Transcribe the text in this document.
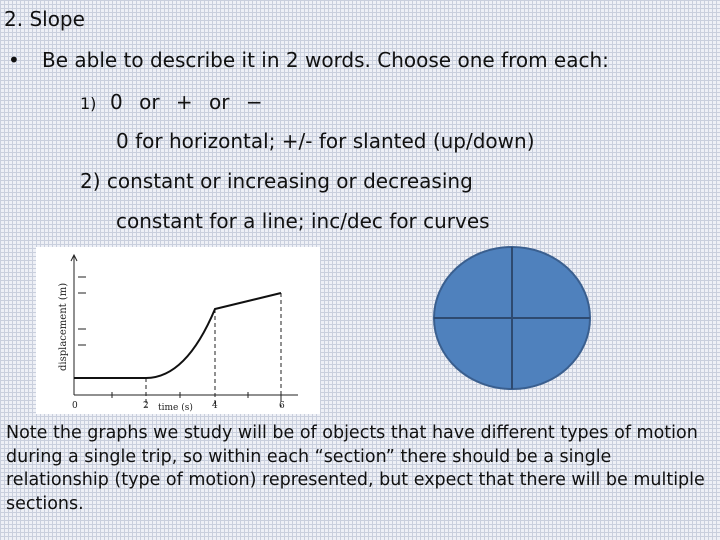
2. Slope
• Be able to describe it in 2 words. Choose one from each:
1) 0 or + or −
0 for horizontal; +/- for slanted (up/down)
2) constant or increasing or decreasing
constant for a line; inc/dec for curves
displacement (m)
0	2	4	6
time (s)
Note the graphs we study will be of objects that have different types of motion during a single trip, so within each “section” there should be a single relationship (type of motion) represented, but expect that there will be multiple sections.
